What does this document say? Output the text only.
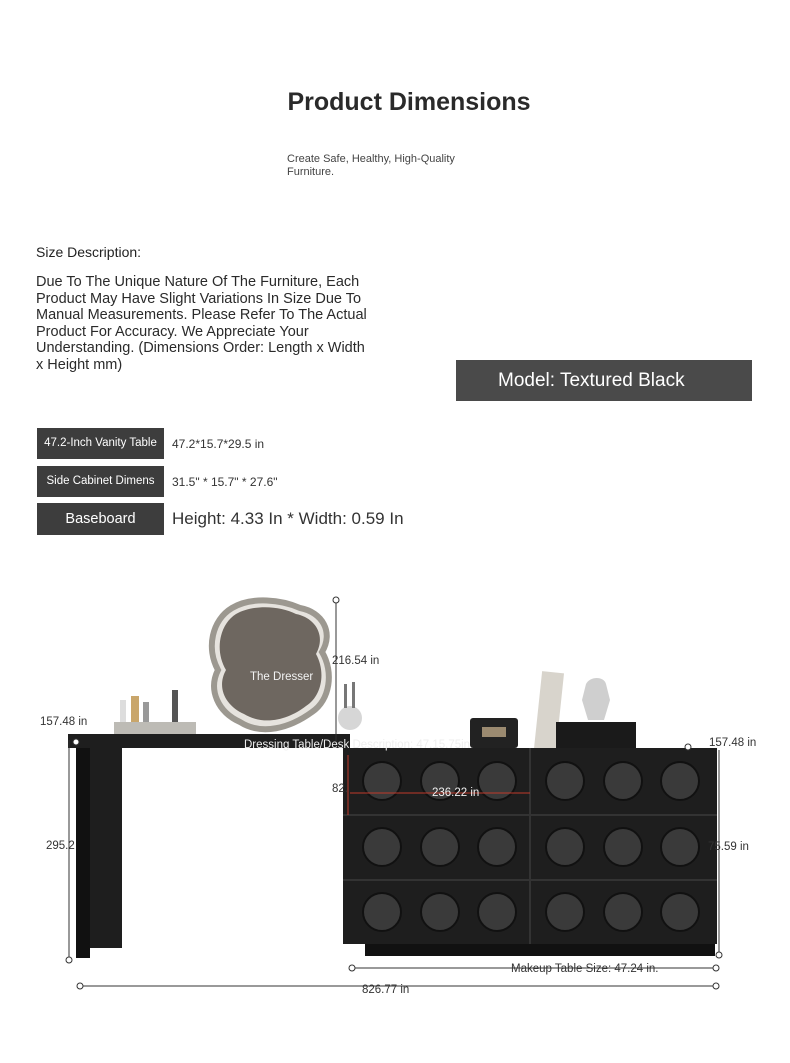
Product Dimensions
Create Safe, Healthy, High-Quality Furniture.
Size Description:
Due To The Unique Nature Of The Furniture, Each Product May Have Slight Variations In Size Due To Manual Measurements. Please Refer To The Actual Product For Accuracy. We Appreciate Your Understanding. (Dimensions Order: Length x Width x Height mm)
Model: Textured Black
47.2-Inch Vanity Table	47.2*15.7*29.5 in
Side Cabinet Dimens	31.5" * 15.7" * 27.6"
Baseboard	Height: 4.33 In * Width: 0.59 In
216.54 in
The Dresser
157.48 in
157.48 in
Dressing Table/Desk Description: 47.15.75in
82.	236.22 in
295.2	75.59 in
Makeup Table Size: 47.24 in.
826.77 in
